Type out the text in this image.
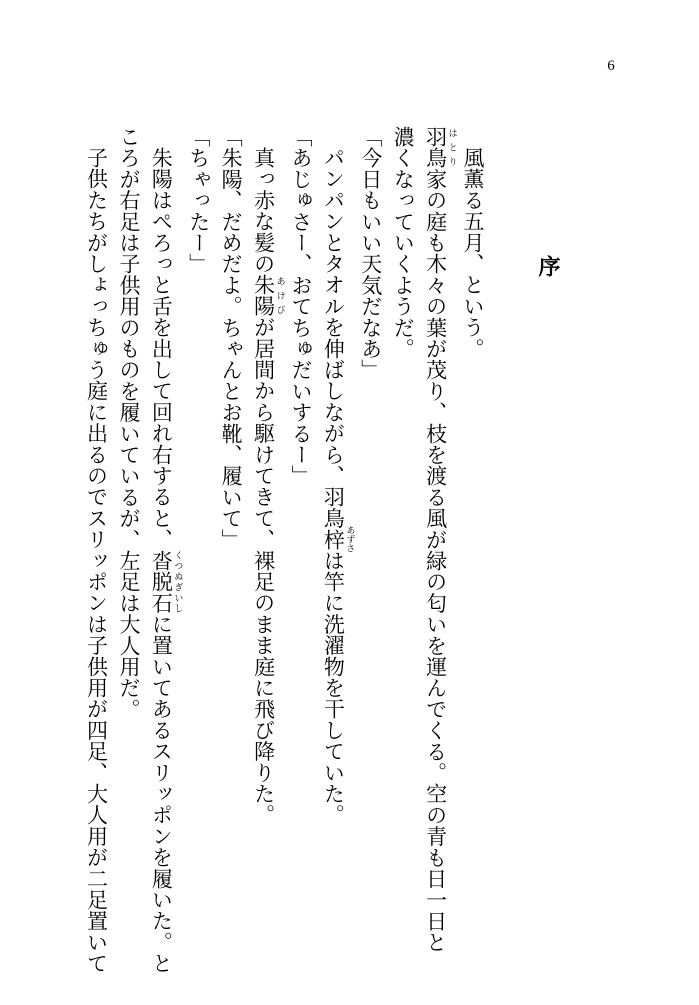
6
序
風薫る五月、という。
羽鳥 はとり家の庭も木々の葉が茂り、枝を渡る風が緑の匂いを運んでくる。空の青も日一日と
濃くなっていくようだ。
「今日もいい天気だなあ」
パンパンとタオルを伸ばしながら、羽鳥梓 あずさは竿に洗濯物を干していた。
「あじゅさー、おてちゅだいするー」
真っ赤な髪の朱陽 あけびが居間から駆けてきて、裸足のまま庭に飛び降りた。
「朱陽、だめだよ。ちゃんとお靴、履いて」
「ちゃったー」
朱陽はぺろっと舌を出して回れ右すると、沓脱石 くつぬぎいしに置いてあるスリッポンを履いた。と
ころが右足は子供用のものを履いているが、左足は大人用だ。
子供たちがしょっちゅう庭に出るのでスリッポンは子供用が四足、大人用が二足置いて
